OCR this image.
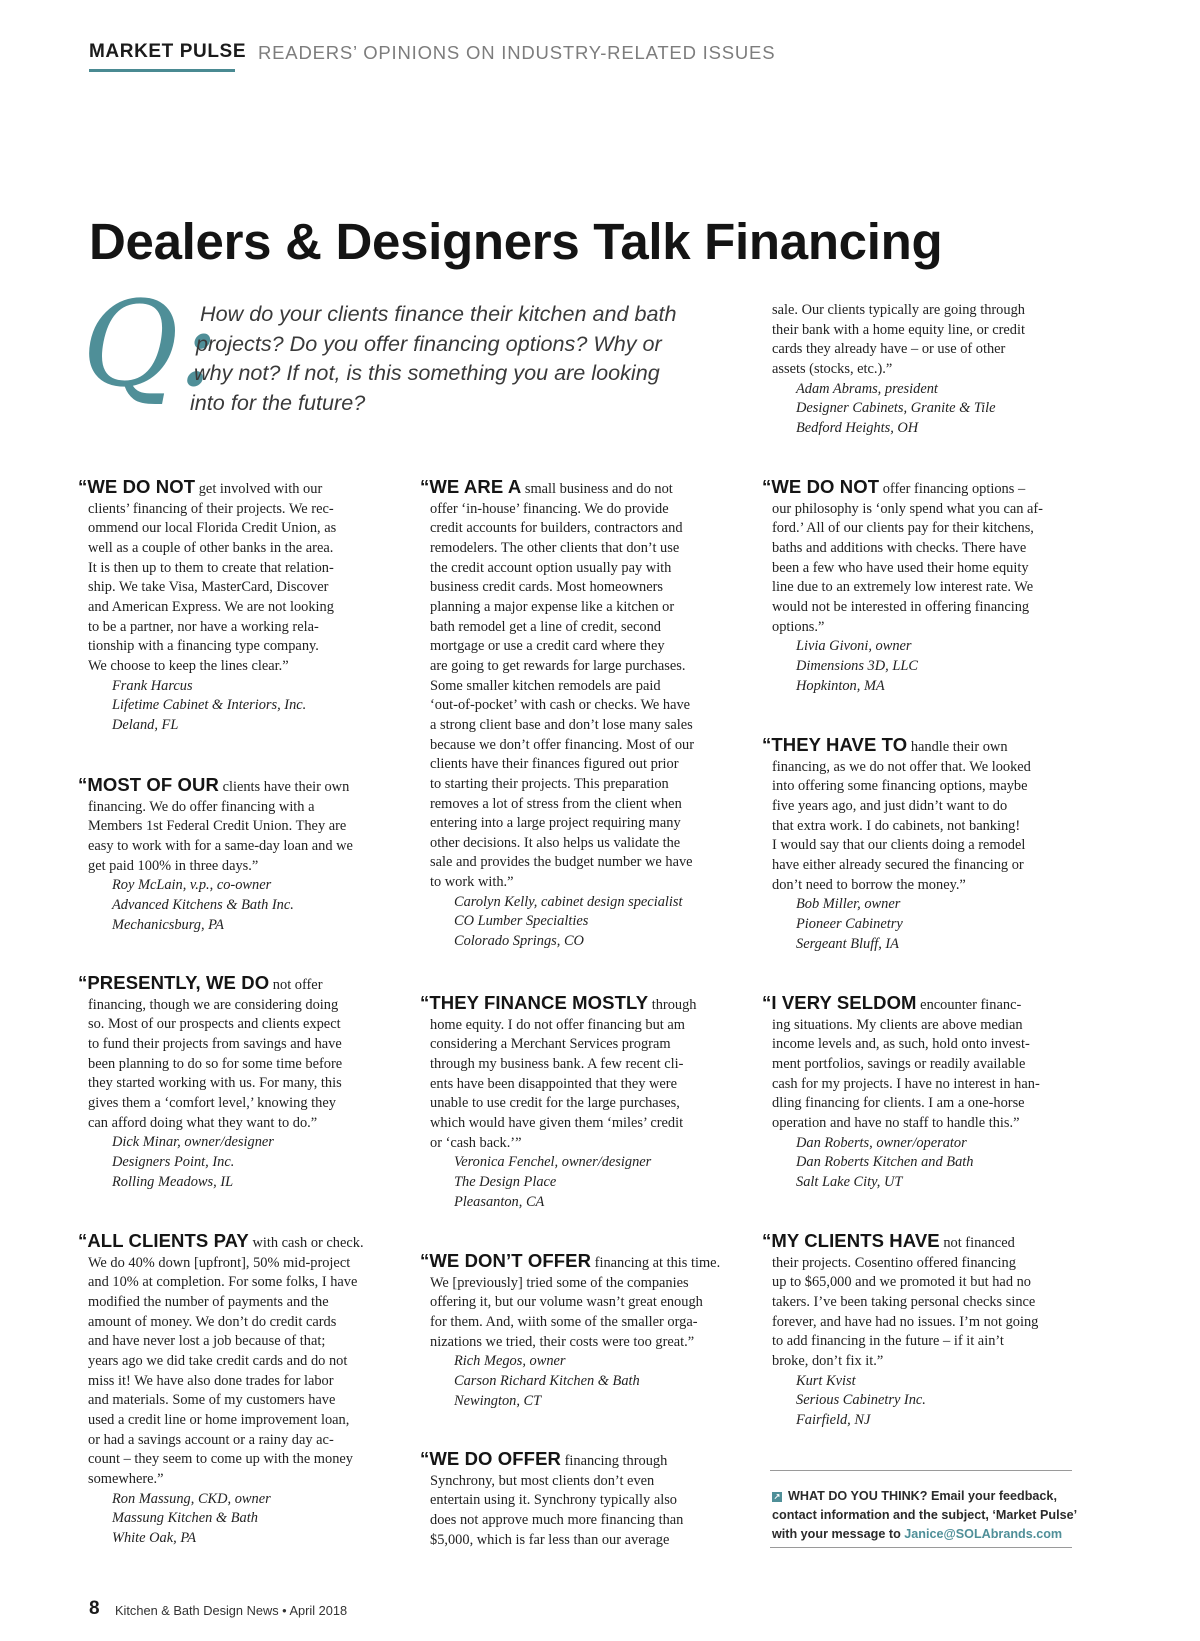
MARKET PULSE READERS’ OPINIONS ON INDUSTRY-RELATED ISSUES
Dealers & Designers Talk Financing
Q:
How do your clients finance their kitchen and bath
projects? Do you offer financing options? Why or
why not? If not, is this something you are looking
into for the future?
sale. Our clients typically are going through
their bank with a home equity line, or credit
cards they already have – or use of other
assets (stocks, etc.).”
Adam Abrams, president
Designer Cabinets, Granite & Tile
Bedford Heights, OH
“WE DO NOT get involved with our
clients’ financing of their projects. We rec-
ommend our local Florida Credit Union, as
well as a couple of other banks in the area.
It is then up to them to create that relation-
ship. We take Visa, MasterCard, Discover
and American Express. We are not looking
to be a partner, nor have a working rela-
tionship with a financing type company.
We choose to keep the lines clear.”
Frank Harcus
Lifetime Cabinet & Interiors, Inc.
Deland, FL
“MOST OF OUR clients have their own
financing. We do offer financing with a
Members 1st Federal Credit Union. They are
easy to work with for a same-day loan and we
get paid 100% in three days.”
Roy McLain, v.p., co-owner
Advanced Kitchens & Bath Inc.
Mechanicsburg, PA
“PRESENTLY, WE DO not offer
financing, though we are considering doing
so. Most of our prospects and clients expect
to fund their projects from savings and have
been planning to do so for some time before
they started working with us. For many, this
gives them a ‘comfort level,’ knowing they
can afford doing what they want to do.”
Dick Minar, owner/designer
Designers Point, Inc.
Rolling Meadows, IL
“ALL CLIENTS PAY with cash or check.
We do 40% down [upfront], 50% mid-project
and 10% at completion. For some folks, I have
modified the number of payments and the
amount of money. We don’t do credit cards
and have never lost a job because of that;
years ago we did take credit cards and do not
miss it! We have also done trades for labor
and materials. Some of my customers have
used a credit line or home improvement loan,
or had a savings account or a rainy day ac-
count – they seem to come up with the money
somewhere.”
Ron Massung, CKD, owner
Massung Kitchen & Bath
White Oak, PA
“WE ARE A small business and do not
offer ‘in-house’ financing. We do provide
credit accounts for builders, contractors and
remodelers. The other clients that don’t use
the credit account option usually pay with
business credit cards. Most homeowners
planning a major expense like a kitchen or
bath remodel get a line of credit, second
mortgage or use a credit card where they
are going to get rewards for large purchases.
Some smaller kitchen remodels are paid
‘out-of-pocket’ with cash or checks. We have
a strong client base and don’t lose many sales
because we don’t offer financing. Most of our
clients have their finances figured out prior
to starting their projects. This preparation
removes a lot of stress from the client when
entering into a large project requiring many
other decisions. It also helps us validate the
sale and provides the budget number we have
to work with.”
Carolyn Kelly, cabinet design specialist
CO Lumber Specialties
Colorado Springs, CO
“THEY FINANCE MOSTLY through
home equity. I do not offer financing but am
considering a Merchant Services program
through my business bank. A few recent cli-
ents have been disappointed that they were
unable to use credit for the large purchases,
which would have given them ‘miles’ credit
or ‘cash back.’”
Veronica Fenchel, owner/designer
The Design Place
Pleasanton, CA
“WE DON’T OFFER financing at this time.
We [previously] tried some of the companies
offering it, but our volume wasn’t great enough
for them. And, wiith some of the smaller orga-
nizations we tried, their costs were too great.”
Rich Megos, owner
Carson Richard Kitchen & Bath
Newington, CT
“WE DO OFFER financing through
Synchrony, but most clients don’t even
entertain using it. Synchrony typically also
does not approve much more financing than
$5,000, which is far less than our average
“WE DO NOT offer financing options –
our philosophy is ‘only spend what you can af-
ford.’ All of our clients pay for their kitchens,
baths and additions with checks. There have
been a few who have used their home equity
line due to an extremely low interest rate. We
would not be interested in offering financing
options.”
Livia Givoni, owner
Dimensions 3D, LLC
Hopkinton, MA
“THEY HAVE TO handle their own
financing, as we do not offer that. We looked
into offering some financing options, maybe
five years ago, and just didn’t want to do
that extra work. I do cabinets, not banking!
I would say that our clients doing a remodel
have either already secured the financing or
don’t need to borrow the money.”
Bob Miller, owner
Pioneer Cabinetry
Sergeant Bluff, IA
“I VERY SELDOM encounter financ-
ing situations. My clients are above median
income levels and, as such, hold onto invest-
ment portfolios, savings or readily available
cash for my projects. I have no interest in han-
dling financing for clients. I am a one-horse
operation and have no staff to handle this.”
Dan Roberts, owner/operator
Dan Roberts Kitchen and Bath
Salt Lake City, UT
“MY CLIENTS HAVE not financed
their projects. Cosentino offered financing
up to $65,000 and we promoted it but had no
takers. I’ve been taking personal checks since
forever, and have had no issues. I’m not going
to add financing in the future – if it ain’t
broke, don’t fix it.”
Kurt Kvist
Serious Cabinetry Inc.
Fairfield, NJ
↗ WHAT DO YOU THINK? Email your feedback,
contact information and the subject, ‘Market Pulse’
with your message to Janice@SOLAbrands.com
8 Kitchen & Bath Design News • April 2018
